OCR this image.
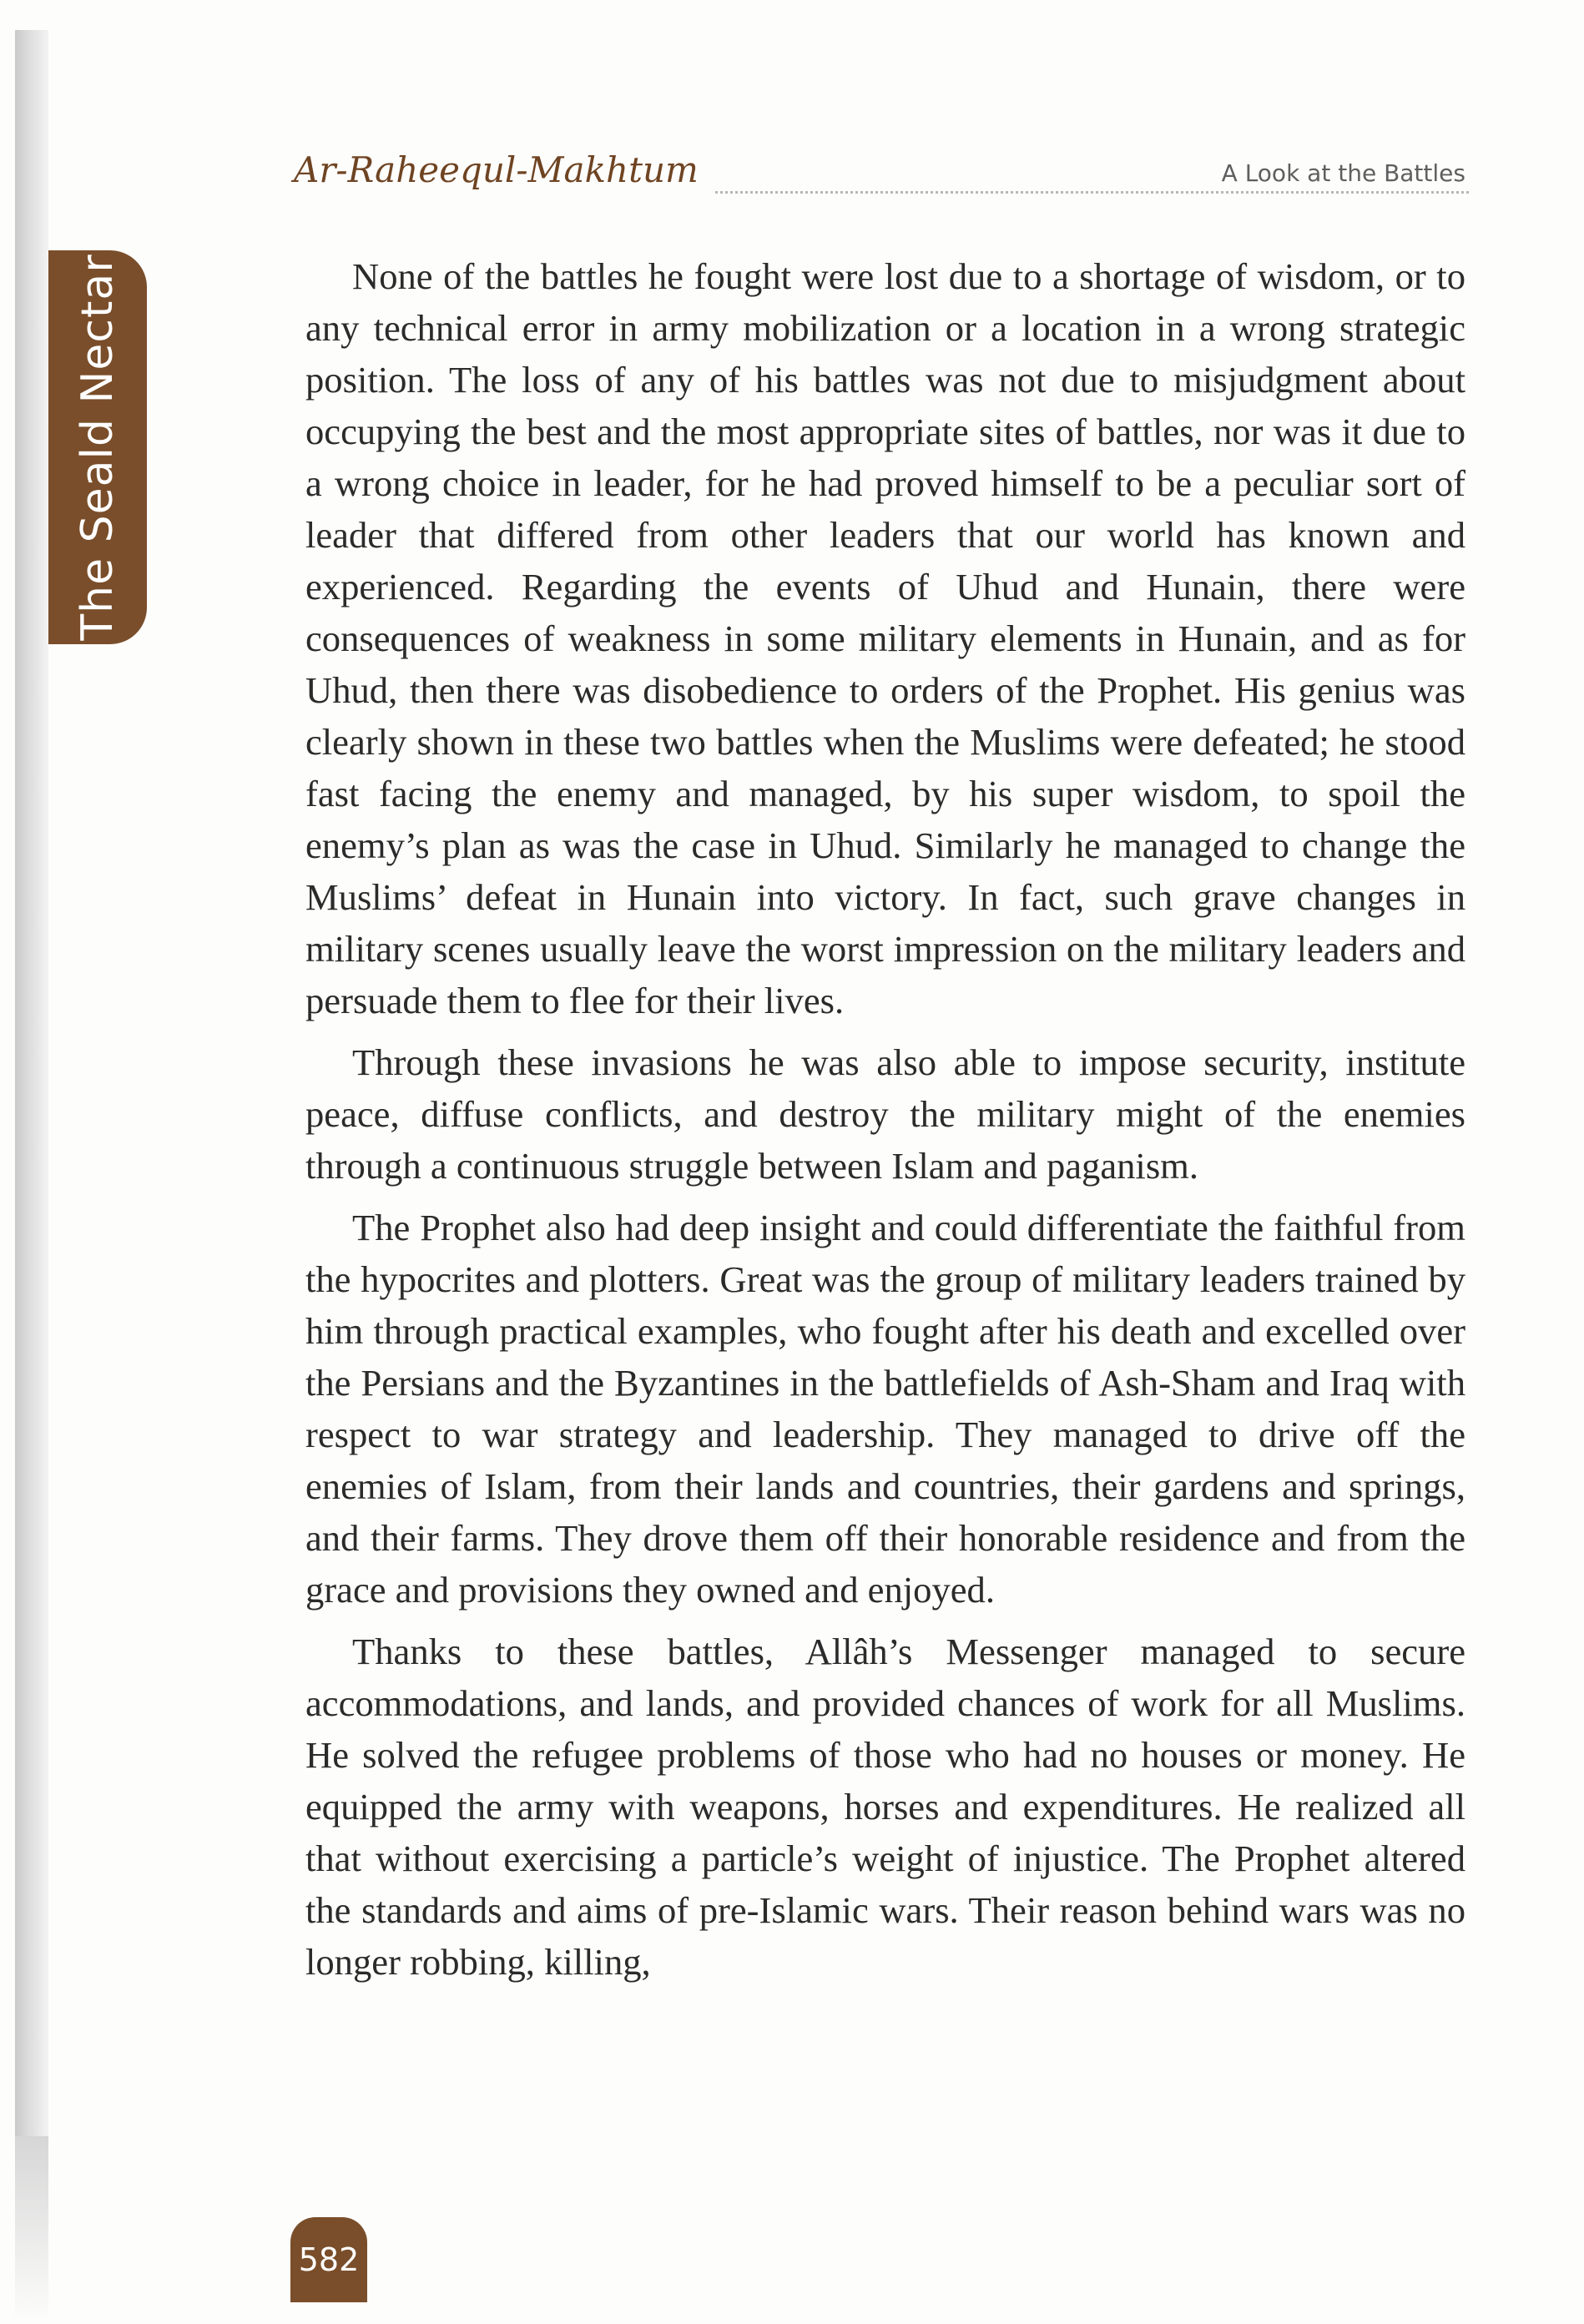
The Seald Nectar
Ar-Raheequl-Makhtum	A Look at the Battles

None of the battles he fought were lost due to a shortage of wisdom, or to any technical error in army mobilization or a location in a wrong strategic position. The loss of any of his battles was not due to misjudgment about occupying the best and the most appropriate sites of battles, nor was it due to a wrong choice in leader, for he had proved himself to be a peculiar sort of leader that differed from other leaders that our world has known and experienced. Regarding the events of Uhud and Hunain, there were consequences of weakness in some military elements in Hunain, and as for Uhud, then there was disobedience to orders of the Prophet. His genius was clearly shown in these two battles when the Muslims were defeated; he stood fast facing the enemy and managed, by his super wisdom, to spoil the enemy’s plan as was the case in Uhud. Similarly he managed to change the Muslims’ defeat in Hunain into victory. In fact, such grave changes in military scenes usually leave the worst impression on the military leaders and persuade them to flee for their lives.

Through these invasions he was also able to impose security, institute peace, diffuse conflicts, and destroy the military might of the enemies through a continuous struggle between Islam and paganism.

The Prophet also had deep insight and could differentiate the faithful from the hypocrites and plotters. Great was the group of military leaders trained by him through practical examples, who fought after his death and excelled over the Persians and the Byzantines in the battlefields of Ash-Sham and Iraq with respect to war strategy and leadership. They managed to drive off the enemies of Islam, from their lands and countries, their gardens and springs, and their farms. They drove them off their honorable residence and from the grace and provisions they owned and enjoyed.

Thanks to these battles, Allâh’s Messenger managed to secure accommodations, and lands, and provided chances of work for all Muslims. He solved the refugee problems of those who had no houses or money. He equipped the army with weapons, horses and expenditures. He realized all that without exercising a particle’s weight of injustice. The Prophet altered the standards and aims of pre-Islamic wars. Their reason behind wars was no longer robbing, killing,

582
